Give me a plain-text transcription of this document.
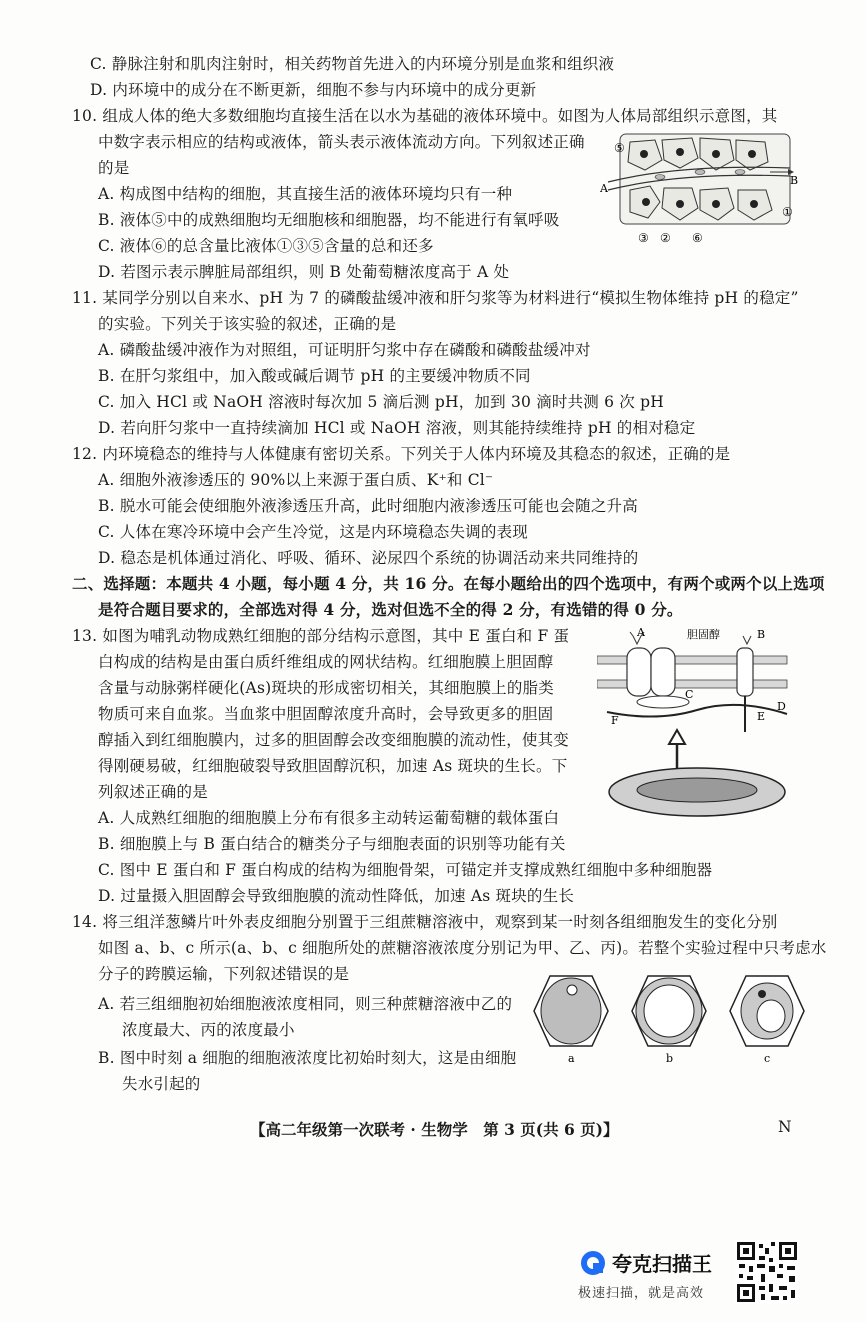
C. 静脉注射和肌肉注射时，相关药物首先进入的内环境分别是血浆和组织液
D. 内环境中的成分在不断更新，细胞不参与内环境中的成分更新
10. 组成人体的绝大多数细胞均直接生活在以水为基础的液体环境中。如图为人体局部组织示意图，其
中数字表示相应的结构或液体，箭头表示液体流动方向。下列叙述正确
的是
A. 构成图中结构的细胞，其直接生活的液体环境均只有一种
B. 液体⑤中的成熟细胞均无细胞核和细胞器，均不能进行有氧呼吸
C. 液体⑥的总含量比液体①③⑤含量的总和还多
D. 若图示表示脾脏局部组织，则 B 处葡萄糖浓度高于 A 处
11. 某同学分别以自来水、pH 为 7 的磷酸盐缓冲液和肝匀浆等为材料进行“模拟生物体维持 pH 的稳定”
的实验。下列关于该实验的叙述，正确的是
A. 磷酸盐缓冲液作为对照组，可证明肝匀浆中存在磷酸和磷酸盐缓冲对
B. 在肝匀浆组中，加入酸或碱后调节 pH 的主要缓冲物质不同
C. 加入 HCl 或 NaOH 溶液时每次加 5 滴后测 pH，加到 30 滴时共测 6 次 pH
D. 若向肝匀浆中一直持续滴加 HCl 或 NaOH 溶液，则其能持续维持 pH 的相对稳定
12. 内环境稳态的维持与人体健康有密切关系。下列关于人体内环境及其稳态的叙述，正确的是
A. 细胞外液渗透压的 90%以上来源于蛋白质、K⁺和 Cl⁻
B. 脱水可能会使细胞外液渗透压升高，此时细胞内液渗透压可能也会随之升高
C. 人体在寒冷环境中会产生冷觉，这是内环境稳态失调的表现
D. 稳态是机体通过消化、呼吸、循环、泌尿四个系统的协调活动来共同维持的
二、选择题：本题共 4 小题，每小题 4 分，共 16 分。在每小题给出的四个选项中，有两个或两个以上选项
是符合题目要求的，全部选对得 4 分，选对但选不全的得 2 分，有选错的得 0 分。
13. 如图为哺乳动物成熟红细胞的部分结构示意图，其中 E 蛋白和 F 蛋
白构成的结构是由蛋白质纤维组成的网状结构。红细胞膜上胆固醇
含量与动脉粥样硬化(As)斑块的形成密切相关，其细胞膜上的脂类
物质可来自血浆。当血浆中胆固醇浓度升高时，会导致更多的胆固
醇插入到红细胞膜内，过多的胆固醇会改变细胞膜的流动性，使其变
得刚硬易破，红细胞破裂导致胆固醇沉积，加速 As 斑块的生长。下
列叙述正确的是
A. 人成熟红细胞的细胞膜上分布有很多主动转运葡萄糖的载体蛋白
B. 细胞膜上与 B 蛋白结合的糖类分子与细胞表面的识别等功能有关
C. 图中 E 蛋白和 F 蛋白构成的结构为细胞骨架，可锚定并支撑成熟红细胞中多种细胞器
D. 过量摄入胆固醇会导致细胞膜的流动性降低，加速 As 斑块的生长
14. 将三组洋葱鳞片叶外表皮细胞分别置于三组蔗糖溶液中，观察到某一时刻各组细胞发生的变化分别
如图 a、b、c 所示(a、b、c 细胞所处的蔗糖溶液浓度分别记为甲、乙、丙)。若整个实验过程中只考虑水
分子的跨膜运输，下列叙述错误的是
A. 若三组细胞初始细胞液浓度相同，则三种蔗糖溶液中乙的
浓度最大、丙的浓度最小
B. 图中时刻 a 细胞的细胞液浓度比初始时刻大，这是由细胞
失水引起的
⑤
A
B
①
③ ② ⑥
A	胆固醇	B
C
D
E
F
a	b	c
【高二年级第一次联考 · 生物学　第 3 页(共 6 页)】	N
夸克扫描王
极速扫描，就是高效
